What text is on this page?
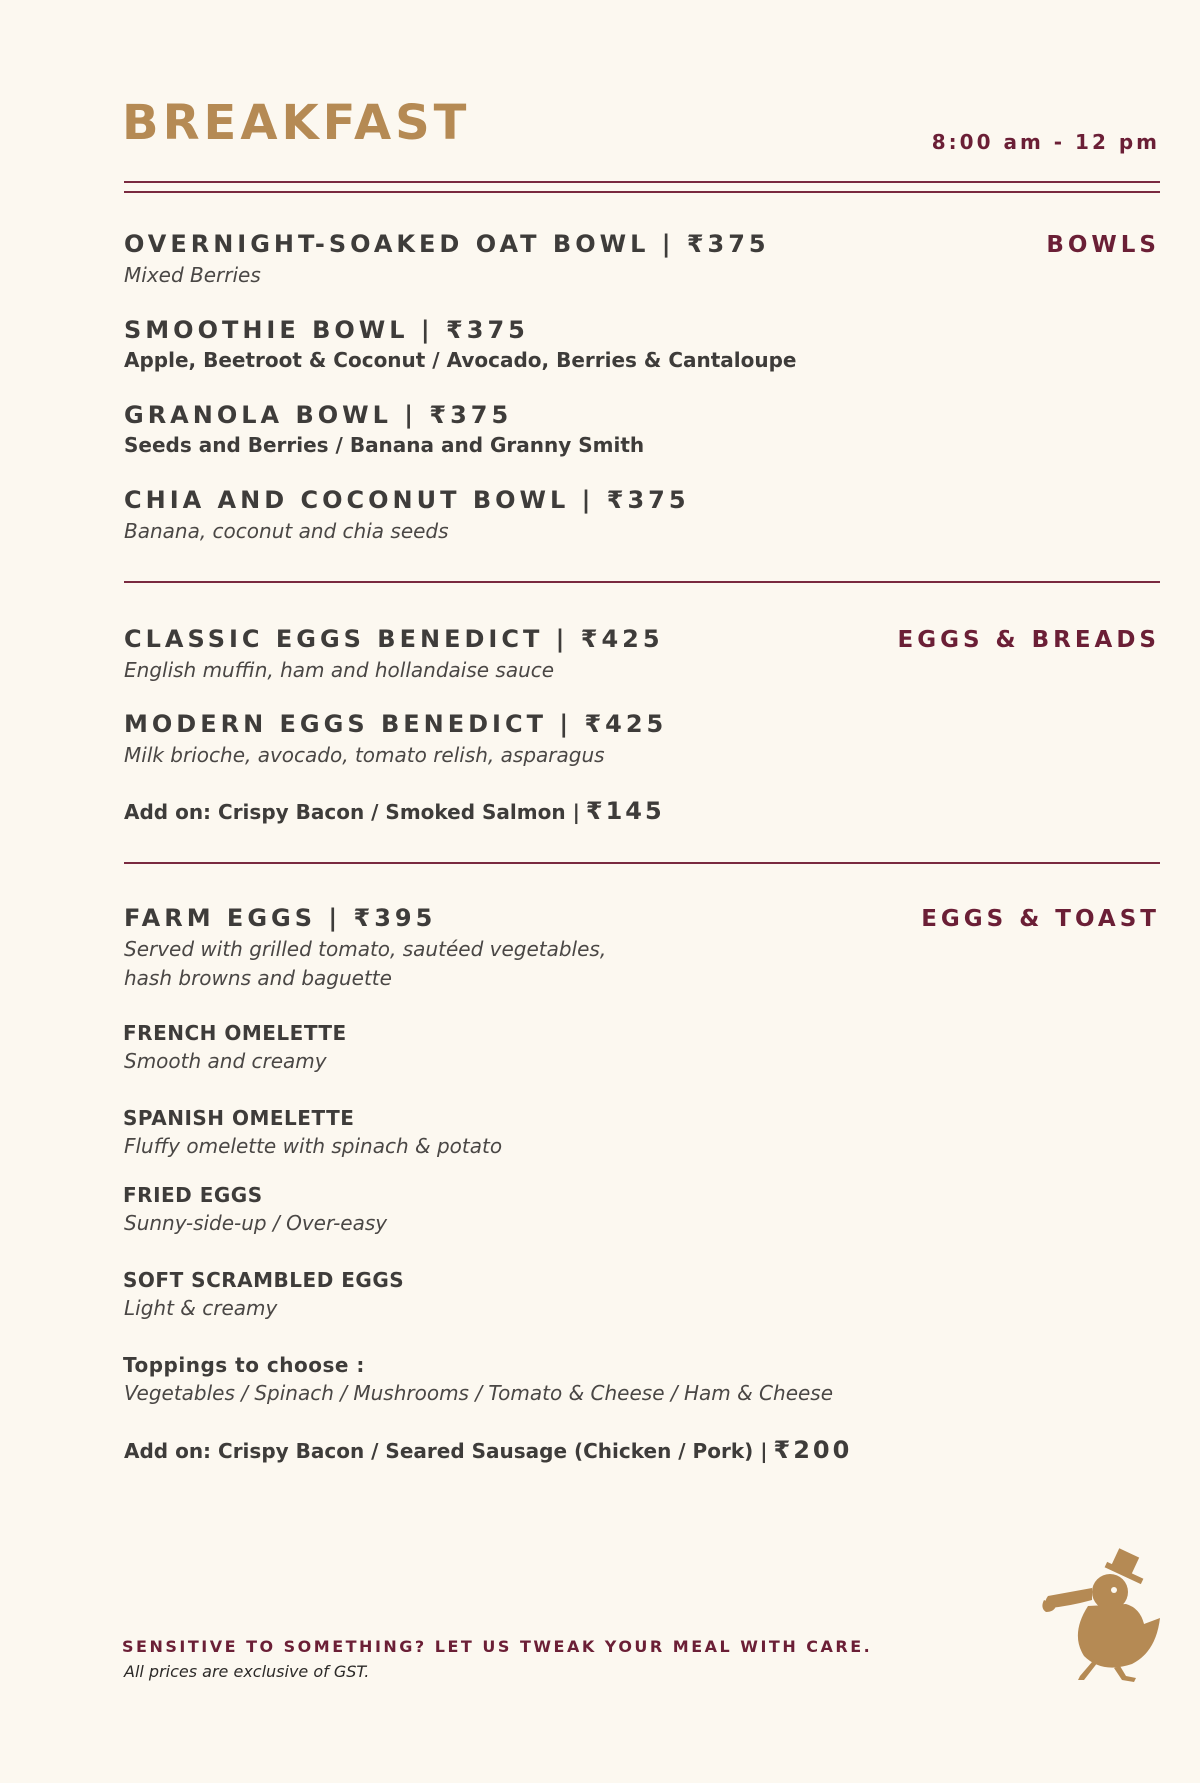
BREAKFAST	8:00 am - 12 pm
BOWLS
OVERNIGHT-SOAKED OAT BOWL | ₹375
Mixed Berries
SMOOTHIE BOWL | ₹375
Apple, Beetroot & Coconut / Avocado, Berries & Cantaloupe
GRANOLA BOWL | ₹375
Seeds and Berries / Banana and Granny Smith
CHIA AND COCONUT BOWL | ₹375
Banana, coconut and chia seeds
EGGS & BREADS
CLASSIC EGGS BENEDICT | ₹425
English muffin, ham and hollandaise sauce
MODERN EGGS BENEDICT | ₹425
Milk brioche, avocado, tomato relish, asparagus
Add on: Crispy Bacon / Smoked Salmon | ₹145
EGGS & TOAST
FARM EGGS | ₹395
Served with grilled tomato, sautéed vegetables,
hash browns and baguette
FRENCH OMELETTE
Smooth and creamy
SPANISH OMELETTE
Fluffy omelette with spinach & potato
FRIED EGGS
Sunny-side-up / Over-easy
SOFT SCRAMBLED EGGS
Light & creamy
Toppings to choose :
Vegetables / Spinach / Mushrooms / Tomato & Cheese / Ham & Cheese
Add on: Crispy Bacon / Seared Sausage (Chicken / Pork) | ₹200
SENSITIVE TO SOMETHING? LET US TWEAK YOUR MEAL WITH CARE.
All prices are exclusive of GST.
